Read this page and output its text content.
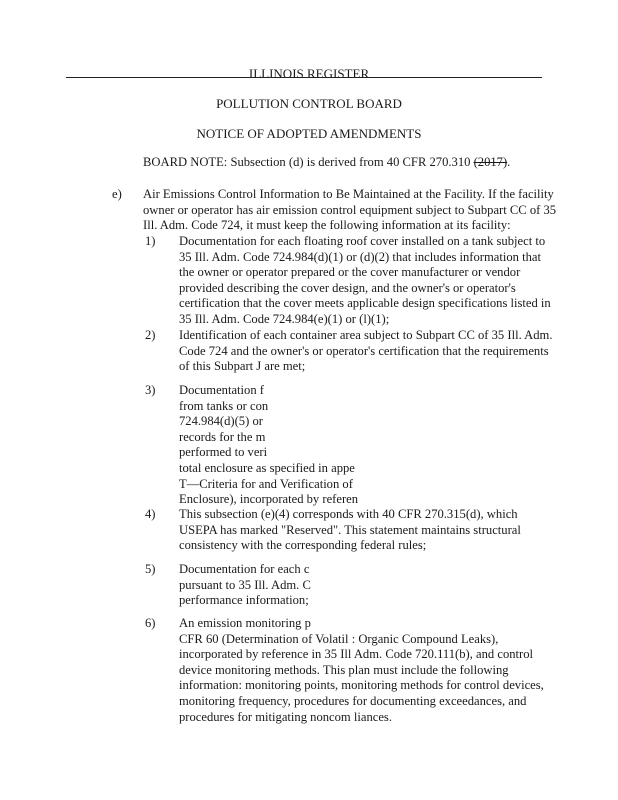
ILLINOIS REGISTER
POLLUTION CONTROL BOARD
NOTICE OF ADOPTED AMENDMENTS
BOARD NOTE: Subsection (d) is derived from 40 CFR 270.310 (2017).
e) Air Emissions Control Information to Be Maintained at the Facility. If the facility
owner or operator has air emission control equipment subject to Subpart CC of 35
Ill. Adm. Code 724, it must keep the following information at its facility:
1) Documentation for each floating roof cover installed on a tank subject to
35 Ill. Adm. Code 724.984(d)(1) or (d)(2) that includes information that
the owner or operator prepared or the cover manufacturer or vendor
provided describing the cover design, and the owner's or operator's
certification that the cover meets applicable design specifications listed in
35 Ill. Adm. Code 724.984(e)(1) or (l)(1);
2) Identification of each container area subject to Subpart CC of 35 Ill. Adm.
Code 724 and the owner's or operator's certification that the requirements
of this Subpart J are met;
3) Documentation f
from tanks or con
724.984(d)(5) or
records for the m
performed to veri
total enclosure as specified in appe
T—Criteria for and Verification of
Enclosure), incorporated by referen
4) This subsection (e)(4) corresponds with 40 CFR 270.315(d), which
USEPA has marked "Reserved". This statement maintains structural
consistency with the corresponding federal rules;
5) Documentation for each c
pursuant to 35 Ill. Adm. C
performance information;
6) An emission monitoring p
CFR 60 (Determination of Volatil : Organic Compound Leaks),
incorporated by reference in 35 Ill Adm. Code 720.111(b), and control
device monitoring methods. This plan must include the following
information: monitoring points, monitoring methods for control devices,
monitoring frequency, procedures for documenting exceedances, and
procedures for mitigating noncom liances.
